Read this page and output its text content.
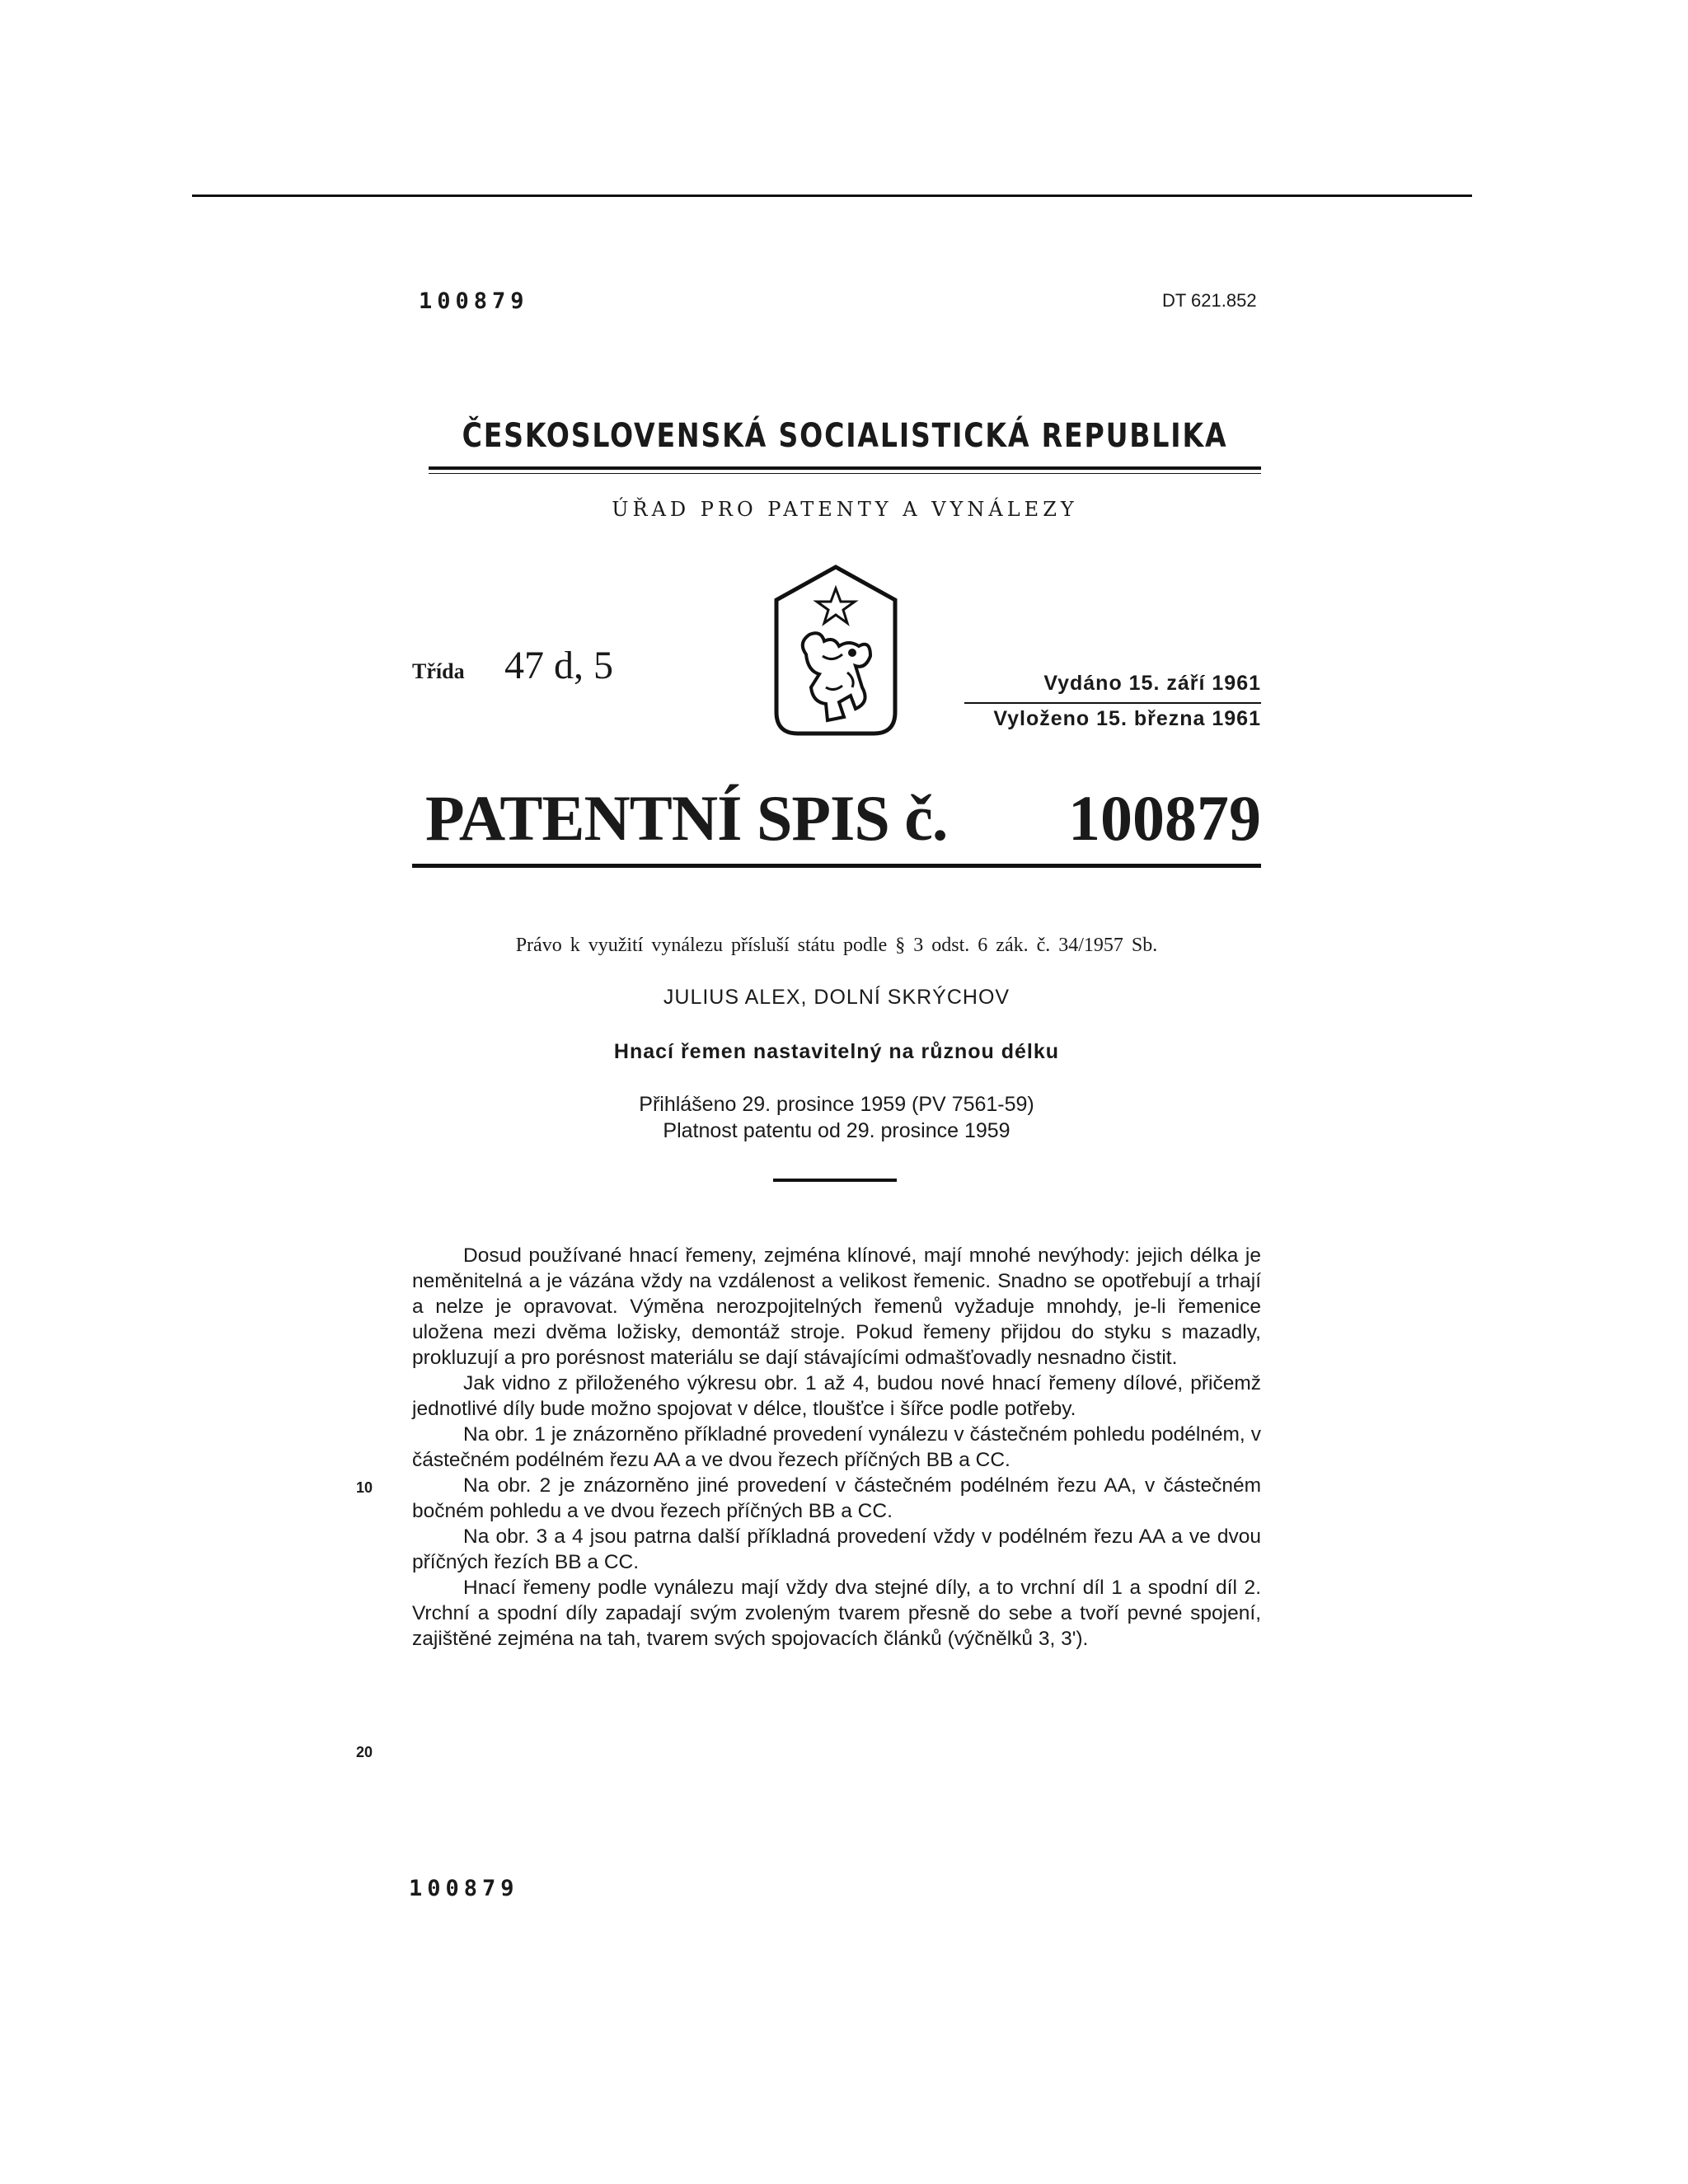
100879	DT 621.852
ČESKOSLOVENSKÁ SOCIALISTICKÁ REPUBLIKA
ÚŘAD PRO PATENTY A VYNÁLEZY
Třída 47 d, 5	Vydáno 15. září 1961
Vyloženo 15. března 1961
PATENTNÍ SPIS č. 100879
Právo k využití vynálezu přísluší státu podle § 3 odst. 6 zák. č. 34/1957 Sb.
JULIUS ALEX, DOLNÍ SKRÝCHOV
Hnací řemen nastavitelný na různou délku
Přihlášeno 29. prosince 1959 (PV 7561-59)
Platnost patentu od 29. prosince 1959

Dosud používané hnací řemeny, zejména klínové, mají mnohé nevýhody: jejich délka je neměnitelná a je vázána vždy na vzdálenost a velikost řemenic. Snadno se opotřebují a trhají a nelze je opravovat. Výměna nerozpojitelných řemenů vyžaduje mnohdy, je-li řemenice uložena mezi dvěma ložisky, demontáž stroje. Pokud řemeny přijdou do styku s mazadly, prokluzují a pro porésnost materiálu se dají stávajícími odmašťovadly nesnadno čistit.

Jak vidno z přiloženého výkresu obr. 1 až 4, budou nové hnací řemeny dílové, přičemž jednotlivé díly bude možno spojovat v délce, tloušťce i šířce podle potřeby.

Na obr. 1 je znázorněno příkladné provedení vynálezu v částečném pohledu podélném, v částečném podélném řezu AA a ve dvou řezech příčných BB a CC.

Na obr. 2 je znázorněno jiné provedení v částečném podélném řezu AA, v částečném bočném pohledu a ve dvou řezech příčných BB a CC.

Na obr. 3 a 4 jsou patrna další příkladná provedení vždy v podélném řezu AA a ve dvou příčných řezích BB a CC.

Hnací řemeny podle vynálezu mají vždy dva stejné díly, a to vrchní díl 1 a spodní díl 2. Vrchní a spodní díly zapadají svým zvoleným tvarem přesně do sebe a tvoří pevné spojení, zajištěné zejména na tah, tvarem svých spojovacích článků (výčnělků 3, 3').

10
20
100879
